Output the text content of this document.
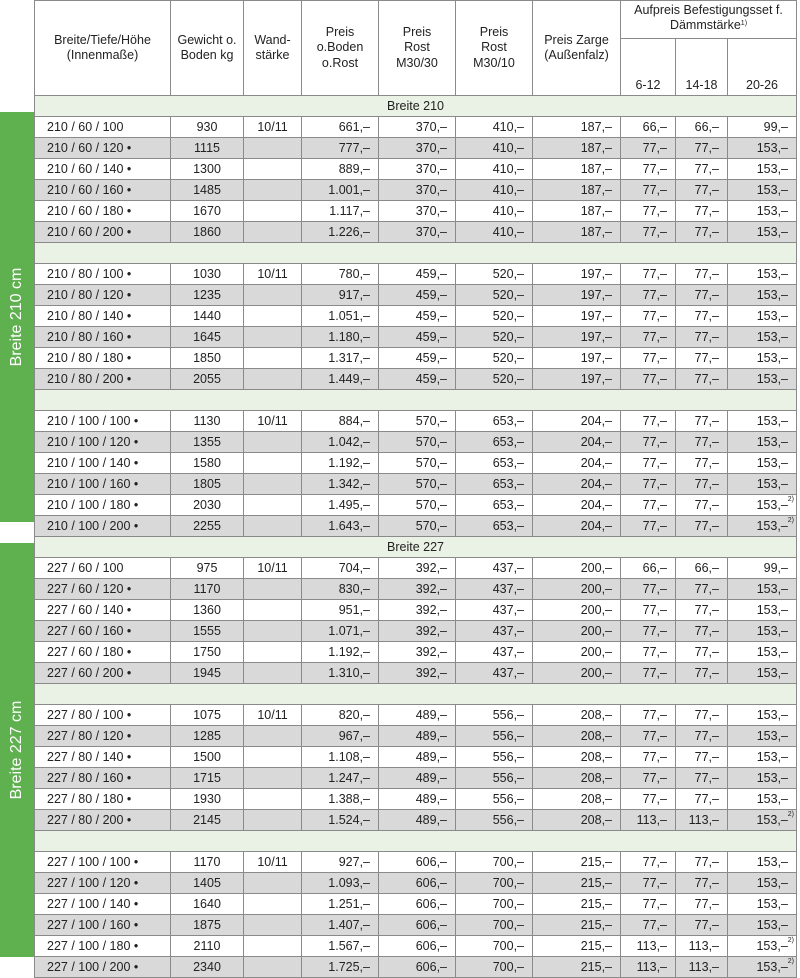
Breite 210 cm
Breite 227 cm
Breite/Tiefe/Höhe (Innenmaße)	Gewicht o. Boden kg	Wand-stärke	Preis o.Boden o.Rost	Preis Rost M30/30	Preis Rost M30/10	Preis Zarge (Außenfalz)	Aufpreis Befestigungsset f. Dämmstärke$^{1)}$
							6-12	14-18	20-26
Breite 210									
210 / 60 / 100	930	10/11	661,–	370,–	410,–	187,–	66,–	66,–	99,–
210 / 60 / 120 •	1115		777,–	370,–	410,–	187,–	77,–	77,–	153,–
210 / 60 / 140 •	1300		889,–	370,–	410,–	187,–	77,–	77,–	153,–
210 / 60 / 160 •	1485		1.001,–	370,–	410,–	187,–	77,–	77,–	153,–
210 / 60 / 180 •	1670		1.117,–	370,–	410,–	187,–	77,–	77,–	153,–
210 / 60 / 200 •	1860		1.226,–	370,–	410,–	187,–	77,–	77,–	153,–

210 / 80 / 100 •	1030	10/11	780,–	459,–	520,–	197,–	77,–	77,–	153,–
210 / 80 / 120 •	1235		917,–	459,–	520,–	197,–	77,–	77,–	153,–
210 / 80 / 140 •	1440		1.051,–	459,–	520,–	197,–	77,–	77,–	153,–
210 / 80 / 160 •	1645		1.180,–	459,–	520,–	197,–	77,–	77,–	153,–
210 / 80 / 180 •	1850		1.317,–	459,–	520,–	197,–	77,–	77,–	153,–
210 / 80 / 200 •	2055		1.449,–	459,–	520,–	197,–	77,–	77,–	153,–

210 / 100 / 100 •	1130	10/11	884,–	570,–	653,–	204,–	77,–	77,–	153,–
210 / 100 / 120 •	1355		1.042,–	570,–	653,–	204,–	77,–	77,–	153,–
210 / 100 / 140 •	1580		1.192,–	570,–	653,–	204,–	77,–	77,–	153,–
210 / 100 / 160 •	1805		1.342,–	570,–	653,–	204,–	77,–	77,–	153,–
210 / 100 / 180 •	2030		1.495,–	570,–	653,–	204,–	77,–	77,–	153,–$^{2)}$
210 / 100 / 200 •	2255		1.643,–	570,–	653,–	204,–	77,–	77,–	153,–$^{2)}$
Breite 227									
227 / 60 / 100	975	10/11	704,–	392,–	437,–	200,–	66,–	66,–	99,–
227 / 60 / 120 •	1170		830,–	392,–	437,–	200,–	77,–	77,–	153,–
227 / 60 / 140 •	1360		951,–	392,–	437,–	200,–	77,–	77,–	153,–
227 / 60 / 160 •	1555		1.071,–	392,–	437,–	200,–	77,–	77,–	153,–
227 / 60 / 180 •	1750		1.192,–	392,–	437,–	200,–	77,–	77,–	153,–
227 / 60 / 200 •	1945		1.310,–	392,–	437,–	200,–	77,–	77,–	153,–

227 / 80 / 100 •	1075	10/11	820,–	489,–	556,–	208,–	77,–	77,–	153,–
227 / 80 / 120 •	1285		967,–	489,–	556,–	208,–	77,–	77,–	153,–
227 / 80 / 140 •	1500		1.108,–	489,–	556,–	208,–	77,–	77,–	153,–
227 / 80 / 160 •	1715		1.247,–	489,–	556,–	208,–	77,–	77,–	153,–
227 / 80 / 180 •	1930		1.388,–	489,–	556,–	208,–	77,–	77,–	153,–
227 / 80 / 200 •	2145		1.524,–	489,–	556,–	208,–	113,–	113,–	153,–$^{2)}$

227 / 100 / 100 •	1170	10/11	927,–	606,–	700,–	215,–	77,–	77,–	153,–
227 / 100 / 120 •	1405		1.093,–	606,–	700,–	215,–	77,–	77,–	153,–
227 / 100 / 140 •	1640		1.251,–	606,–	700,–	215,–	77,–	77,–	153,–
227 / 100 / 160 •	1875		1.407,–	606,–	700,–	215,–	77,–	77,–	153,–
227 / 100 / 180 •	2110		1.567,–	606,–	700,–	215,–	113,–	113,–	153,–$^{2)}$
227 / 100 / 200 •	2340		1.725,–	606,–	700,–	215,–	113,–	113,–	153,–$^{2)}$
